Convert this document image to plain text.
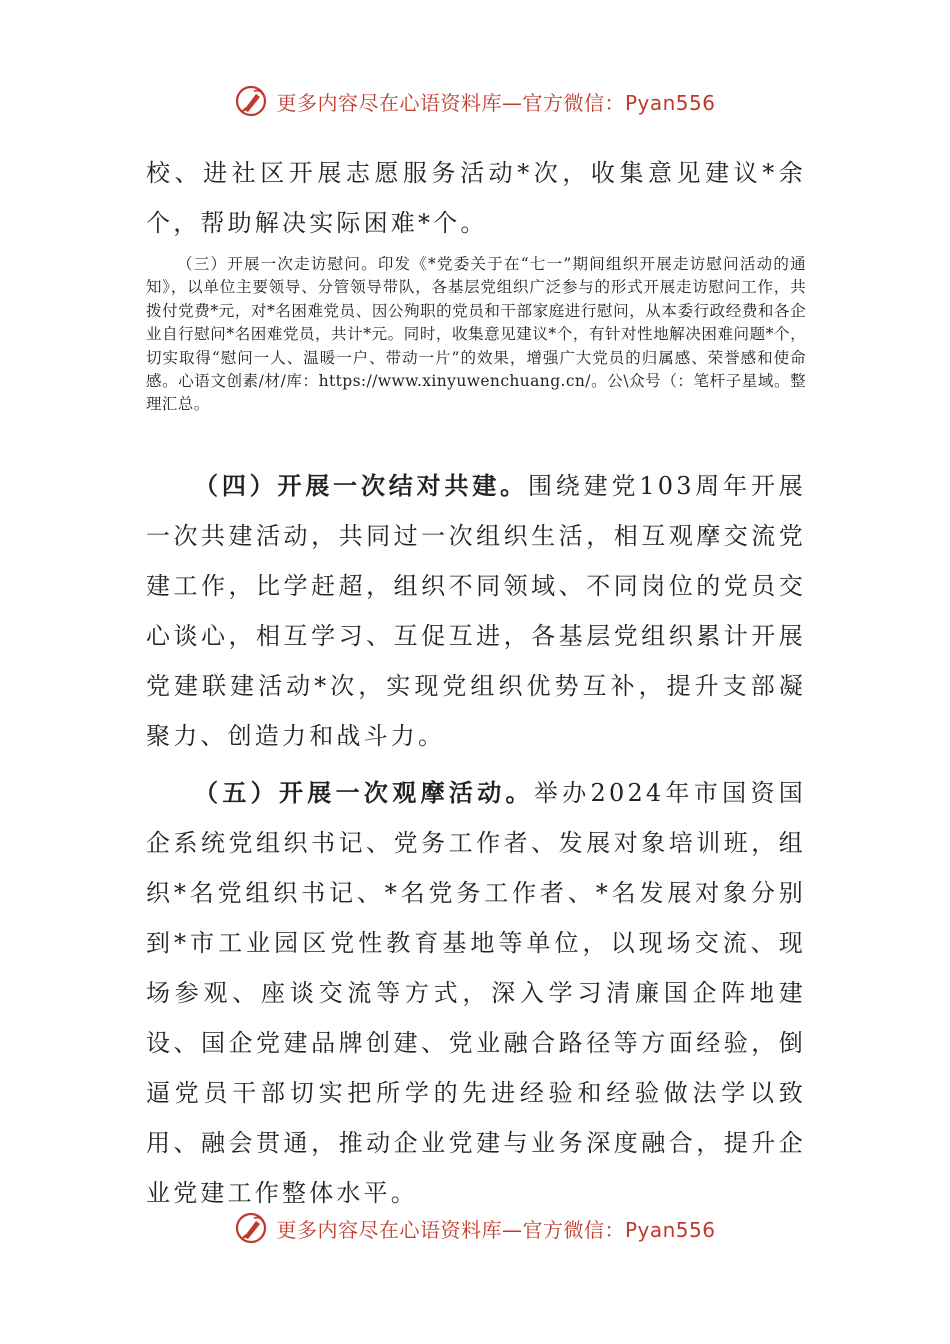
更多内容尽在心语资料库—官方微信：Pyan556

校、进社区开展志愿服务活动*次，收集意见建议*余个，帮助解决实际困难*个。

（三）开展一次走访慰问。印发《*党委关于在“七一”期间组织开展走访慰问活动的通知》，以单位主要领导、分管领导带队，各基层党组织广泛参与的形式开展走访慰问工作，共拨付党费*元，对*名困难党员、因公殉职的党员和干部家庭进行慰问，从本委行政经费和各企业自行慰问*名困难党员，共计*元。同时，收集意见建议*个，有针对性地解决困难问题*个，切实取得“慰问一人、温暖一户、带动一片”的效果，增强广大党员的归属感、荣誉感和使命感。心语文创素/材/库：https://www.xinyuwenchuang.cn/。公\众号（：笔杆子星域。整理汇总。

（四）开展一次结对共建。围绕建党103周年开展一次共建活动，共同过一次组织生活，相互观摩交流党建工作，比学赶超，组织不同领域、不同岗位的党员交心谈心，相互学习、互促互进，各基层党组织累计开展党建联建活动*次，实现党组织优势互补，提升支部凝聚力、创造力和战斗力。

（五）开展一次观摩活动。举办2024年市国资国企系统党组织书记、党务工作者、发展对象培训班，组织*名党组织书记、*名党务工作者、*名发展对象分别到*市工业园区党性教育基地等单位，以现场交流、现场参观、座谈交流等方式，深入学习清廉国企阵地建设、国企党建品牌创建、党业融合路径等方面经验，倒逼党员干部切实把所学的先进经验和经验做法学以致用、融会贯通，推动企业党建与业务深度融合，提升企业党建工作整体水平。

更多内容尽在心语资料库—官方微信：Pyan556
